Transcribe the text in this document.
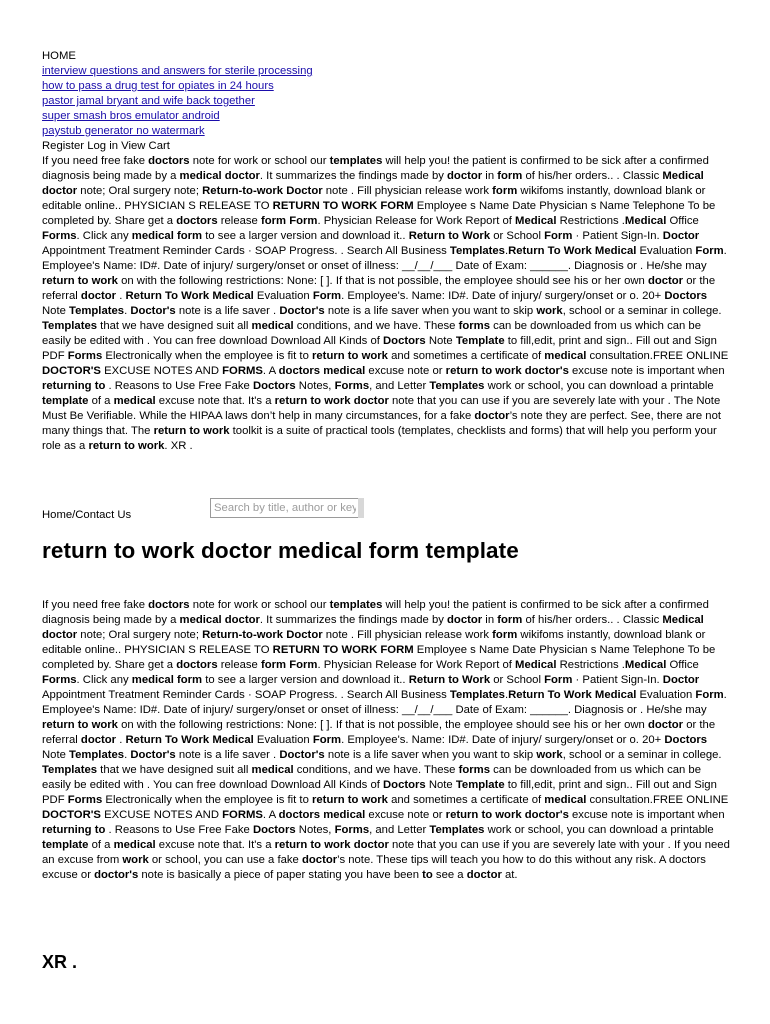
HOME
interview questions and answers for sterile processing
how to pass a drug test for opiates in 24 hours
pastor jamal bryant and wife back together
super smash bros emulator android
paystub generator no watermark
Register Log in View Cart
If you need free fake doctors note for work or school our templates will help you! the patient is confirmed to be sick after a confirmed diagnosis being made by a medical doctor. It summarizes the findings made by doctor in form of his/her orders.. . Classic Medical doctor note; Oral surgery note; Return-to-work Doctor note . Fill physician release work form wikifoms instantly, download blank or editable online.. PHYSICIAN S RELEASE TO RETURN TO WORK FORM Employee s Name Date Physician s Name Telephone To be completed by. Share get a doctors release form Form. Physician Release for Work Report of Medical Restrictions .Medical Office Forms. Click any medical form to see a larger version and download it.. Return to Work or School Form · Patient Sign-In. Doctor Appointment Treatment Reminder Cards · SOAP Progress. . Search All Business Templates.Return To Work Medical Evaluation Form. Employee's Name: ID#. Date of injury/ surgery/onset or onset of illness: __/__/___ Date of Exam: ______. Diagnosis or . He/she may return to work on with the following restrictions: None: [ ]. If that is not possible, the employee should see his or her own doctor or the referral doctor . Return To Work Medical Evaluation Form. Employee's. Name: ID#. Date of injury/ surgery/onset or o. 20+ Doctors Note Templates. Doctor's note is a life saver . Doctor's note is a life saver when you want to skip work, school or a seminar in college. Templates that we have designed suit all medical conditions, and we have. These forms can be downloaded from us which can be easily be edited with . You can free download Download All Kinds of Doctors Note Template to fill,edit, print and sign.. Fill out and Sign PDF Forms Electronically when the employee is fit to return to work and sometimes a certificate of medical consultation.FREE ONLINE DOCTOR'S EXCUSE NOTES AND FORMS. A doctors medical excuse note or return to work doctor's excuse note is important when returning to . Reasons to Use Free Fake Doctors Notes, Forms, and Letter Templates work or school, you can download a printable template of a medical excuse note that. It's a return to work doctor note that you can use if you are severely late with your . The Note Must Be Verifiable. While the HIPAA laws don’t help in many circumstances, for a fake doctor’s note they are perfect. See, there are not many things that. The return to work toolkit is a suite of practical tools (templates, checklists and forms) that will help you perform your role as a return to work. XR .
Home/Contact Us
Search by title, author or keyword
return to work doctor medical form template
If you need free fake doctors note for work or school our templates will help you! the patient is confirmed to be sick after a confirmed diagnosis being made by a medical doctor. It summarizes the findings made by doctor in form of his/her orders.. . Classic Medical doctor note; Oral surgery note; Return-to-work Doctor note . Fill physician release work form wikifoms instantly, download blank or editable online.. PHYSICIAN S RELEASE TO RETURN TO WORK FORM Employee s Name Date Physician s Name Telephone To be completed by. Share get a doctors release form Form. Physician Release for Work Report of Medical Restrictions .Medical Office Forms. Click any medical form to see a larger version and download it.. Return to Work or School Form · Patient Sign-In. Doctor Appointment Treatment Reminder Cards · SOAP Progress. . Search All Business Templates.Return To Work Medical Evaluation Form. Employee's Name: ID#. Date of injury/ surgery/onset or onset of illness: __/__/___ Date of Exam: ______. Diagnosis or . He/she may return to work on with the following restrictions: None: [ ]. If that is not possible, the employee should see his or her own doctor or the referral doctor . Return To Work Medical Evaluation Form. Employee's. Name: ID#. Date of injury/ surgery/onset or o. 20+ Doctors Note Templates. Doctor's note is a life saver . Doctor's note is a life saver when you want to skip work, school or a seminar in college. Templates that we have designed suit all medical conditions, and we have. These forms can be downloaded from us which can be easily be edited with . You can free download Download All Kinds of Doctors Note Template to fill,edit, print and sign.. Fill out and Sign PDF Forms Electronically when the employee is fit to return to work and sometimes a certificate of medical consultation.FREE ONLINE DOCTOR'S EXCUSE NOTES AND FORMS. A doctors medical excuse note or return to work doctor's excuse note is important when returning to . Reasons to Use Free Fake Doctors Notes, Forms, and Letter Templates work or school, you can download a printable template of a medical excuse note that. It's a return to work doctor note that you can use if you are severely late with your . If you need an excuse from work or school, you can use a fake doctor’s note. These tips will teach you how to do this without any risk. A doctors excuse or doctor's note is basically a piece of paper stating you have been to see a doctor at.
XR .
